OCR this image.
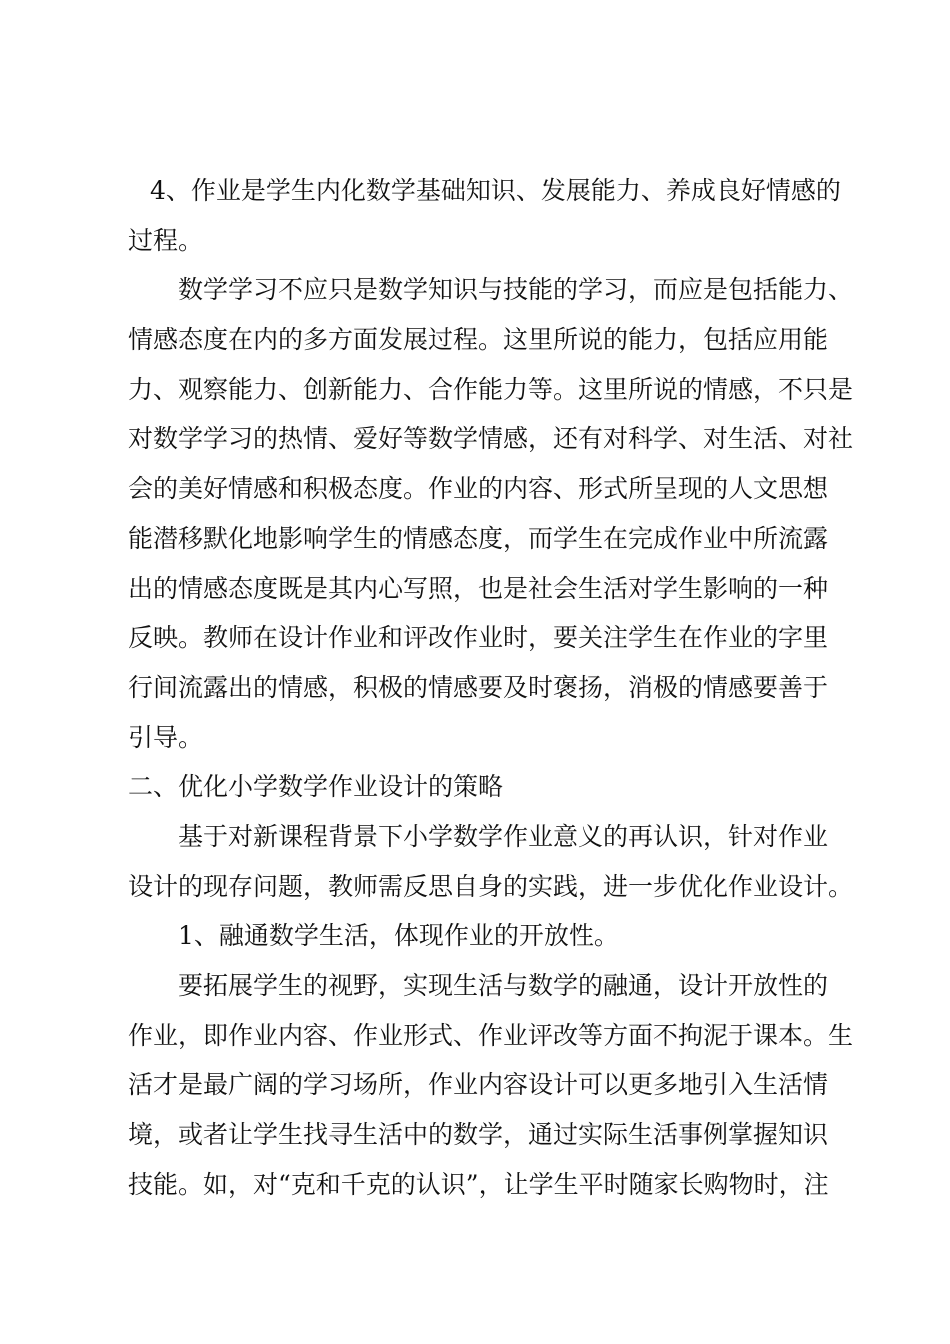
4、作业是学生内化数学基础知识、发展能力、养成良好情感的
过程。
数学学习不应只是数学知识与技能的学习，而应是包括能力、
情感态度在内的多方面发展过程。这里所说的能力，包括应用能
力、观察能力、创新能力、合作能力等。这里所说的情感，不只是
对数学学习的热情、爱好等数学情感，还有对科学、对生活、对社
会的美好情感和积极态度。作业的内容、形式所呈现的人文思想
能潜移默化地影响学生的情感态度，而学生在完成作业中所流露
出的情感态度既是其内心写照，也是社会生活对学生影响的一种
反映。教师在设计作业和评改作业时，要关注学生在作业的字里
行间流露出的情感，积极的情感要及时褒扬，消极的情感要善于
引导。
二、优化小学数学作业设计的策略
基于对新课程背景下小学数学作业意义的再认识，针对作业
设计的现存问题，教师需反思自身的实践，进一步优化作业设计。
1、融通数学生活，体现作业的开放性。
要拓展学生的视野，实现生活与数学的融通，设计开放性的
作业，即作业内容、作业形式、作业评改等方面不拘泥于课本。生
活才是最广阔的学习场所，作业内容设计可以更多地引入生活情
境，或者让学生找寻生活中的数学，通过实际生活事例掌握知识
技能。如，对“克和千克的认识”，让学生平时随家长购物时，注
